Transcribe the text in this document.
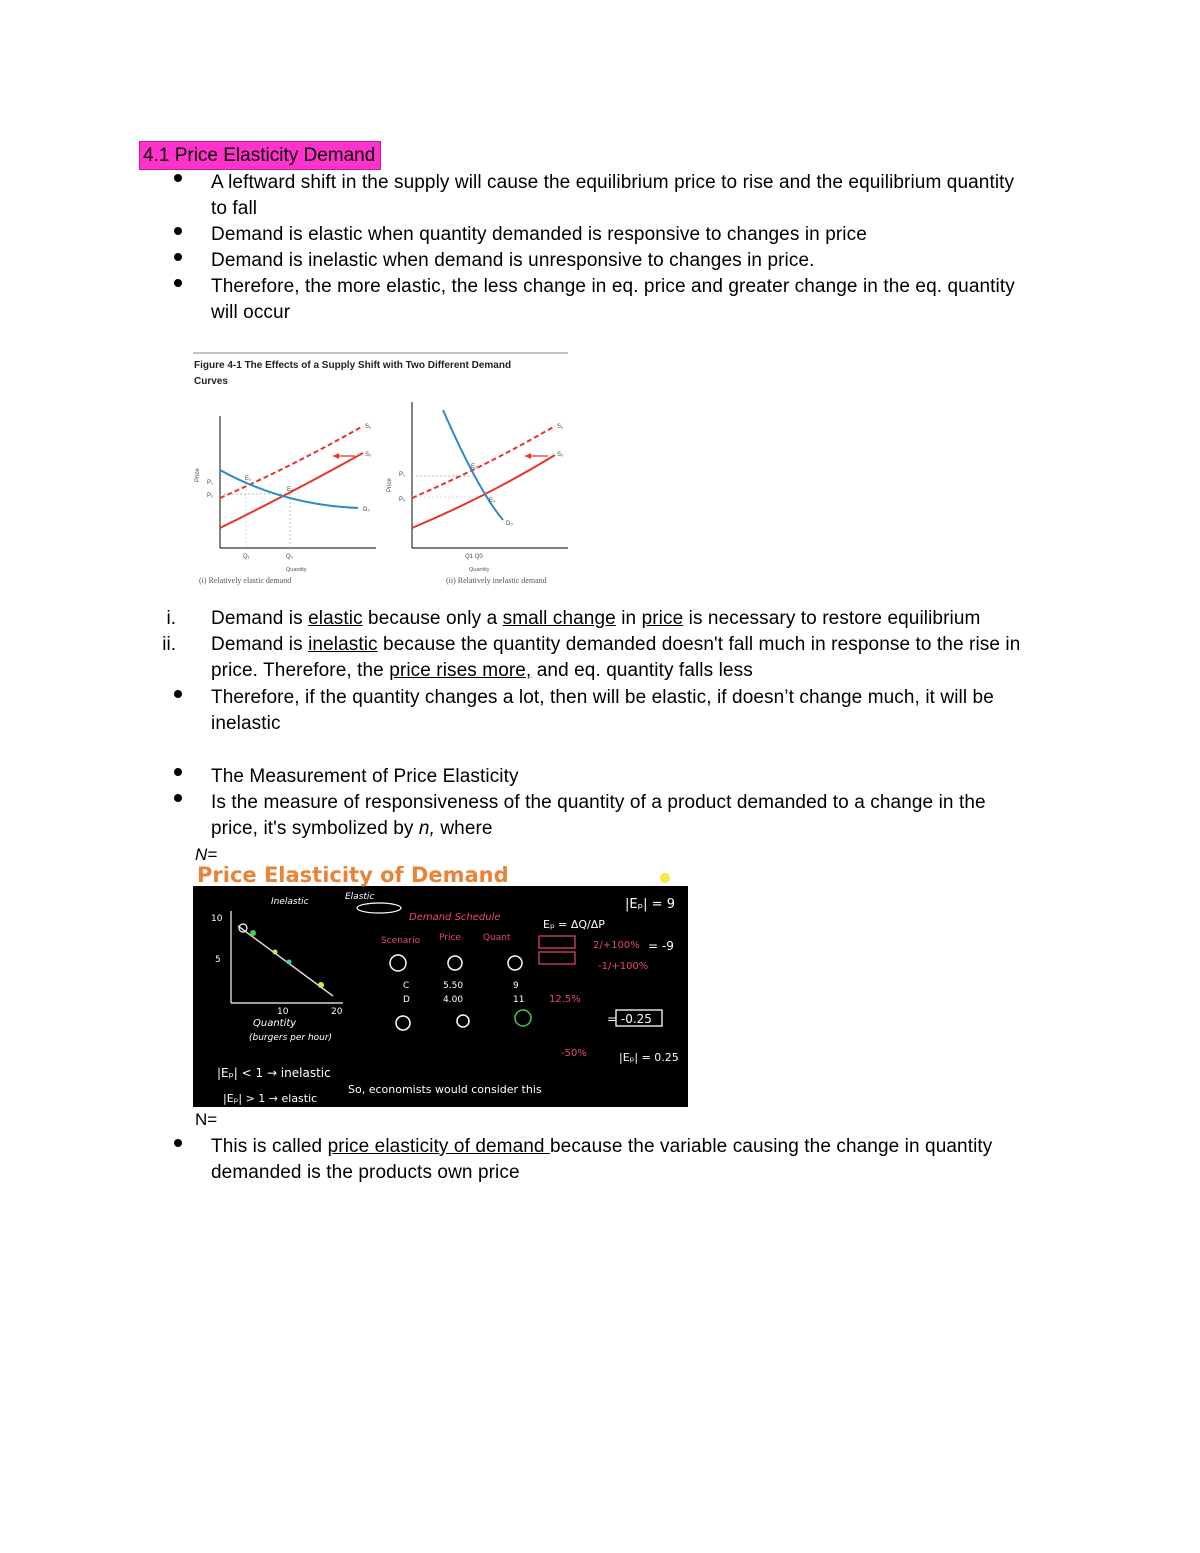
4.1 Price Elasticity Demand
A leftward shift in the supply will cause the equilibrium price to rise and the equilibrium quantity
to fall
Demand is elastic when quantity demanded is responsive to changes in price
Demand is inelastic when demand is unresponsive to changes in price.
Therefore, the more elastic, the less change in eq. price and greater change in the eq. quantity
will occur
S₁
S₀
D₀
E₁
E₀
P₁
P₀
Price
Q₁	Q₀
Quantity
S₁
S₀
D₀
E₁
E₀
P₁
P₀
Price
Q1 Q0
Quantity
Figure 4-1 The Effects of a Supply Shift with Two Different Demand
Curves
(i) Relatively elastic demand	(ii) Relatively inelastic demand
i. Demand is elastic because only a small change in price is necessary to restore equilibrium
ii. Demand is inelastic because the quantity demanded doesn't fall much in response to the rise in
price. Therefore, the price rises more, and eq. quantity falls less
Therefore, if the quantity changes a lot, then will be elastic, if doesn’t change much, it will be
inelastic
The Measurement of Price Elasticity
Is the measure of responsiveness of the quantity of a product demanded to a change in the
price, it's symbolized by n, where
N=
Price Elasticity of Demand
10
5
10	20
Quantity
(burgers per hour)
Inelastic	Elastic
Demand Schedule
Scenario Price Quant
C	5.50	9
D	4.00	11
Eₚ = ΔQ/ΔP
2/+100%
-1/+100%
|Eₚ| = 9
= -9
12.5%
-50%
= -0.25
|Eₚ| = 0.25
|Eₚ| < 1 → inelastic
|Eₚ| > 1 → elastic
So, economists would consider this
N=
This is called price elasticity of demand because the variable causing the change in quantity
demanded is the products own price
